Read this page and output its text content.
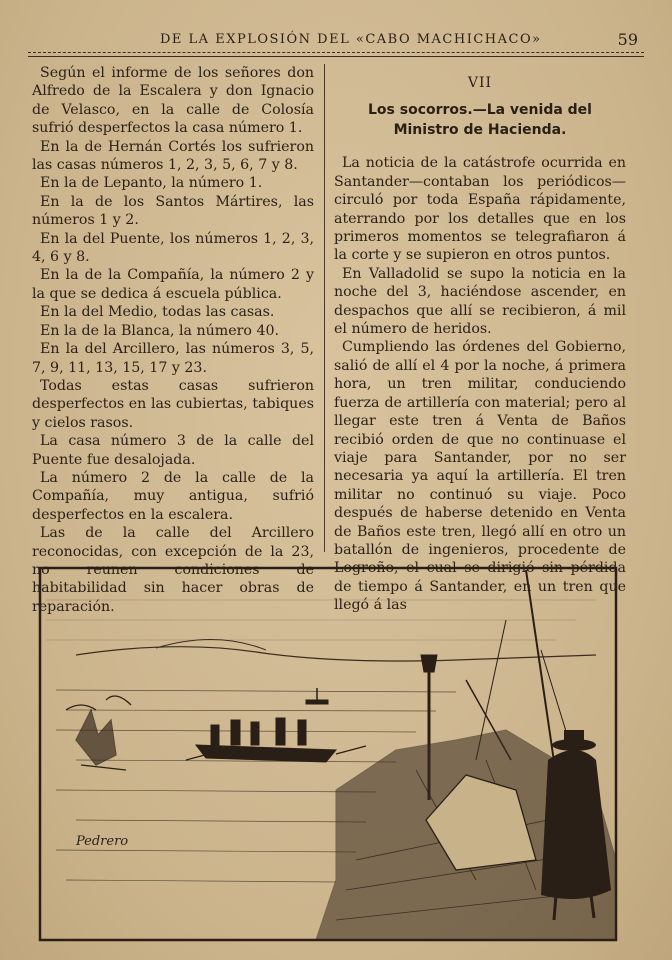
DE LA EXPLOSIÓN DEL «CABO MACHICHACO»	59

Según el informe de los señores don Alfredo de la Escalera y don Ignacio de Velasco, en la calle de Colosía sufrió desperfectos la casa número 1.

En la de Hernán Cortés los sufrieron las casas números 1, 2, 3, 5, 6, 7 y 8.

En la de Lepanto, la número 1.

En la de los Santos Mártires, las números 1 y 2.

En la del Puente, los números 1, 2, 3, 4, 6 y 8.

En la de la Compañía, la número 2 y la que se dedica á escuela pública.

En la del Medio, todas las casas.

En la de la Blanca, la número 40.

En la del Arcillero, las números 3, 5, 7, 9, 11, 13, 15, 17 y 23.

Todas estas casas sufrieron desperfectos en las cubiertas, tabiques y cielos rasos.

La casa número 3 de la calle del Puente fue desalojada.

La número 2 de la calle de la Compañía, muy antigua, sufrió desperfectos en la escalera.

Las de la calle del Arcillero reconocidas, con excepción de la 23, no reunen condiciones de habitabilidad sin hacer obras de reparación.

VII
Los socorros.—La venida del Ministro de Hacienda.

La noticia de la catástrofe ocurrida en Santander—contaban los periódicos—circuló por toda España rápidamente, aterrando por los detalles que en los primeros momentos se telegrafiaron á la corte y se supieron en otros puntos.

En Valladolid se supo la noticia en la noche del 3, haciéndose ascender, en despachos que allí se recibieron, á mil el número de heridos.

Cumpliendo las órdenes del Gobierno, salió de allí el 4 por la noche, á primera hora, un tren militar, conduciendo fuerza de artillería con material; pero al llegar este tren á Venta de Baños recibió orden de que no continuase el viaje para Santander, por no ser necesaria ya aquí la artillería. El tren militar no continuó su viaje. Poco después de haberse detenido en Venta de Baños este tren, llegó allí en otro un batallón de ingenieros, procedente de Logroño, el cual se dirigió sin pérdida de tiempo á Santander, en un tren que llegó á las

Pedrero
